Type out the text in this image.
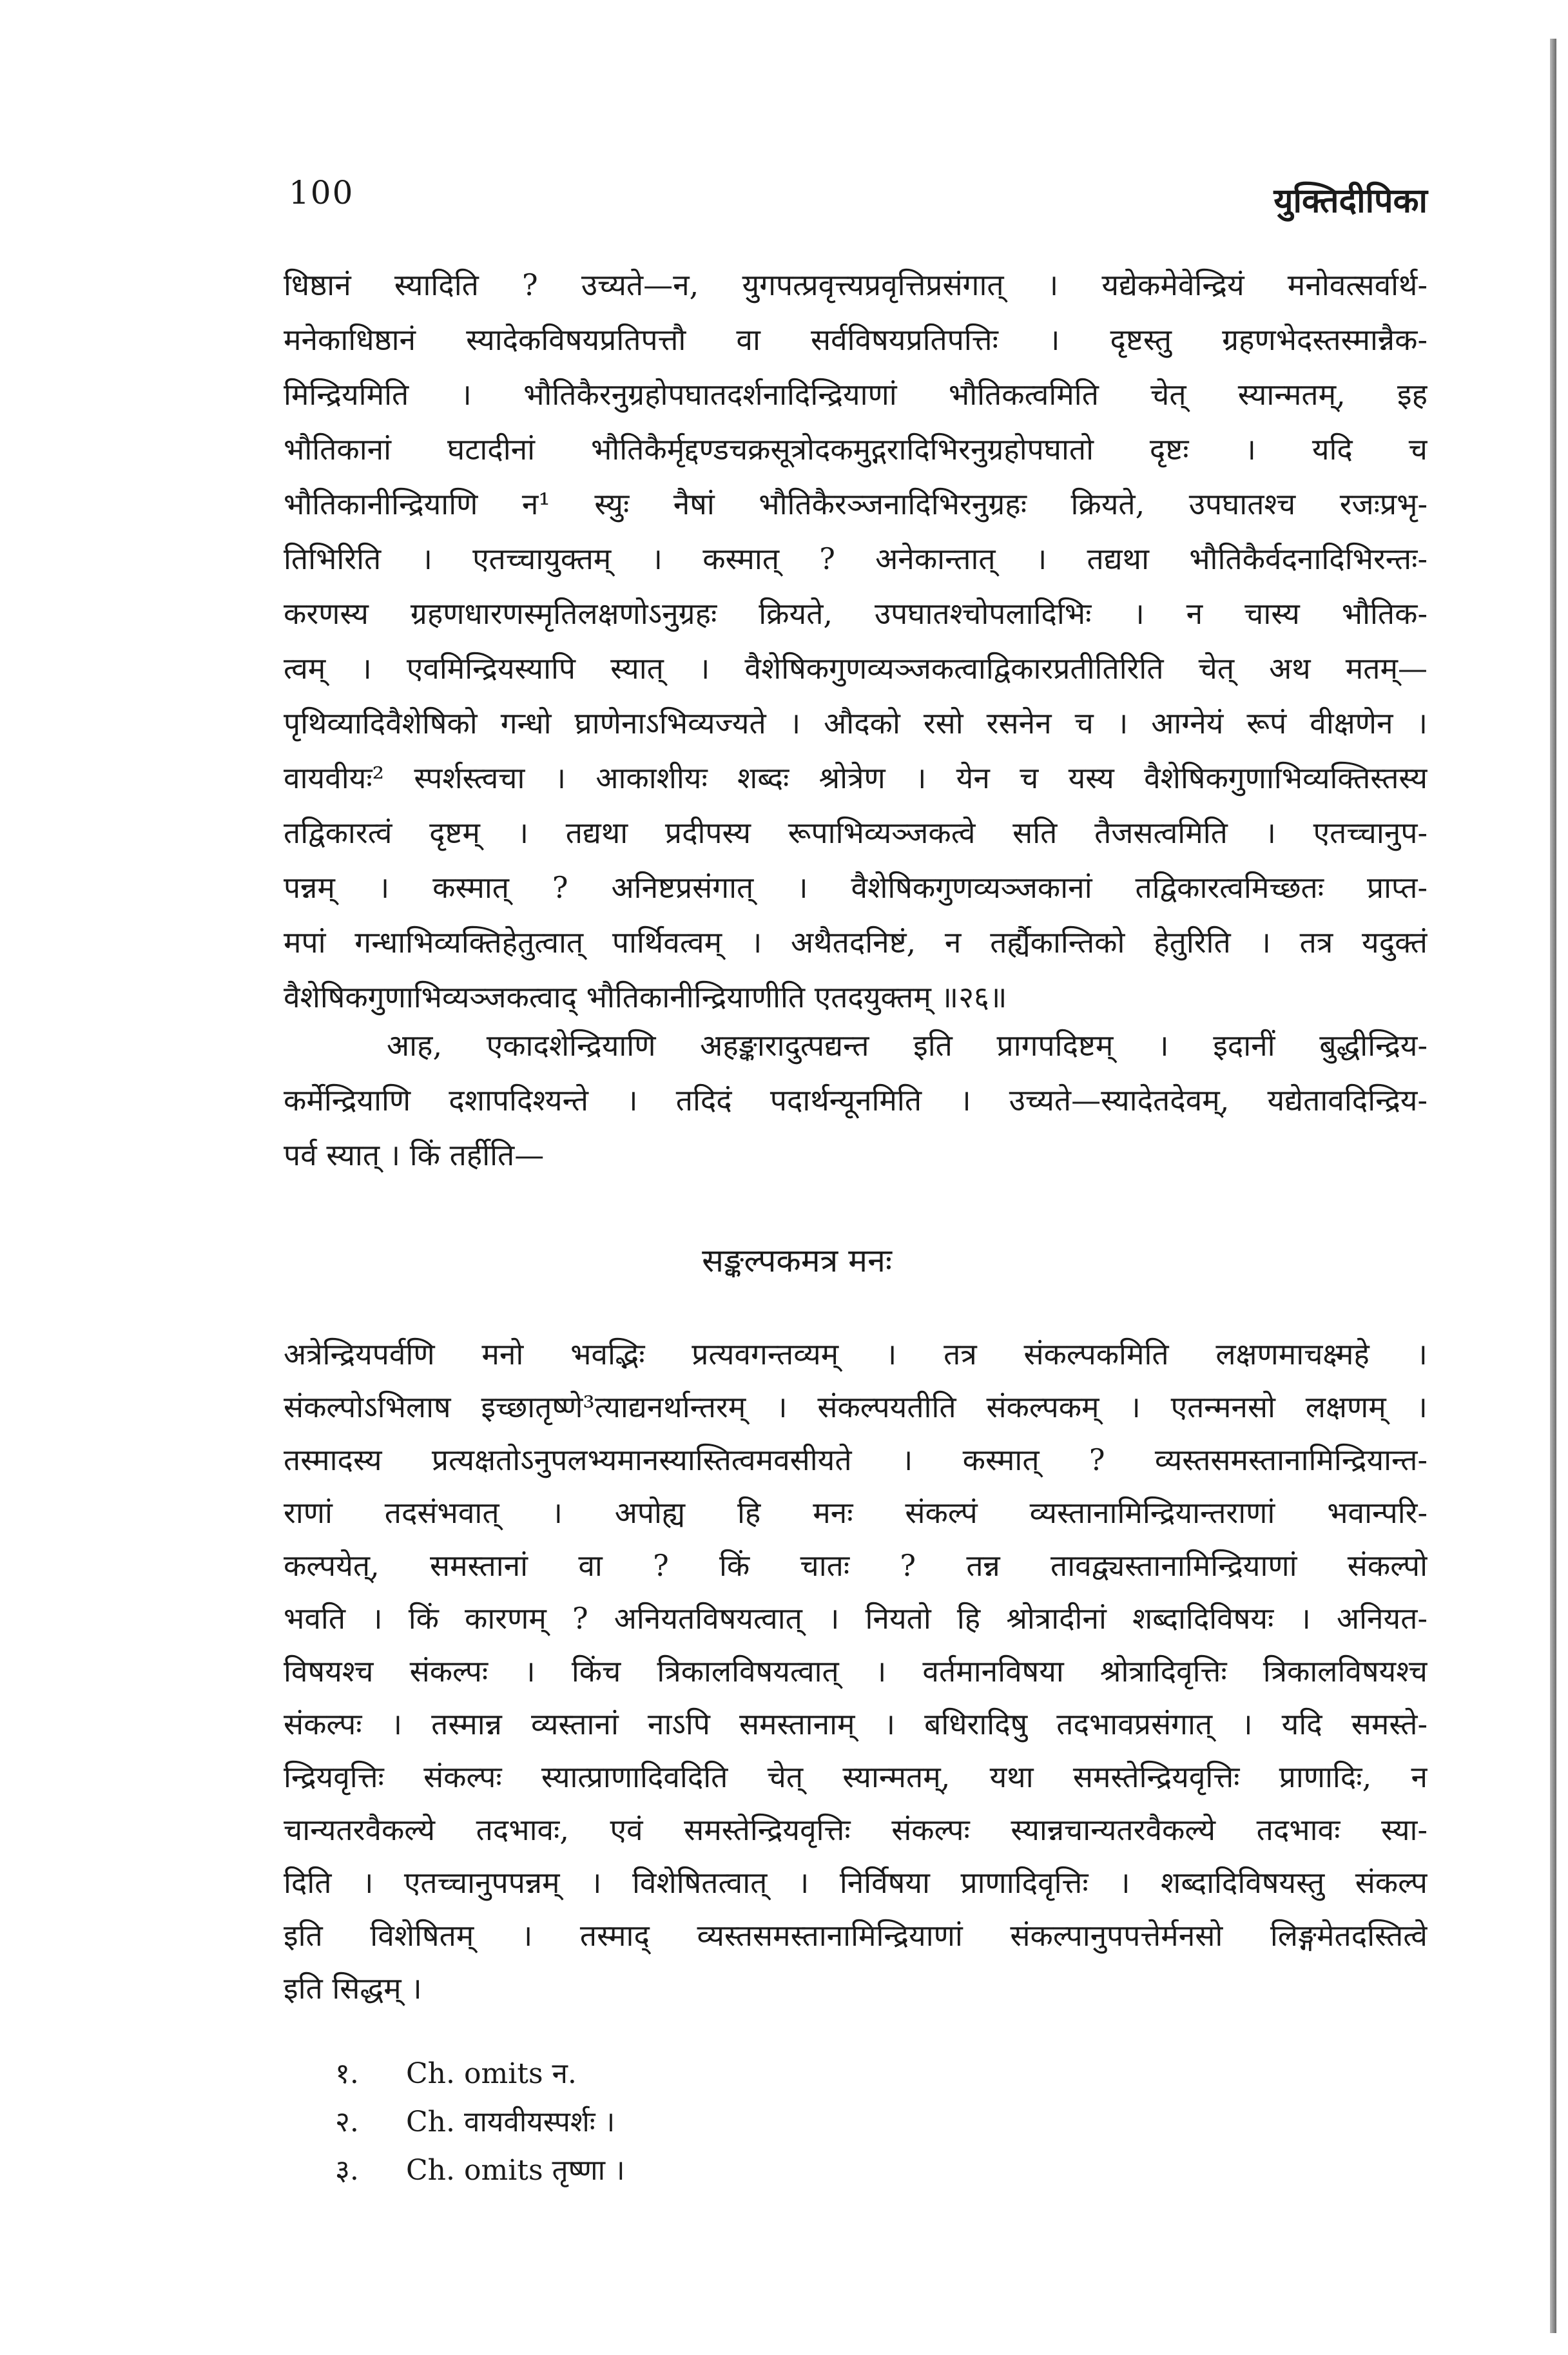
100	युक्तिदीपिका
धिष्ठानं स्यादिति ? उच्यते—न, युगपत्प्रवृत्त्यप्रवृत्तिप्रसंगात् । यद्येकमेवेन्द्रियं मनोवत्सर्वार्थ-
मनेकाधिष्ठानं स्यादेकविषयप्रतिपत्तौ वा सर्वविषयप्रतिपत्तिः । दृष्टस्तु ग्रहणभेदस्तस्मान्नैक-
मिन्द्रियमिति । भौतिकैरनुग्रहोपघातदर्शनादिन्द्रियाणां भौतिकत्वमिति चेत् स्यान्मतम्, इह
भौतिकानां घटादीनां भौतिकैर्मृद्दण्डचक्रसूत्रोदकमुद्गरादिभिरनुग्रहोपघातो दृष्टः । यदि च
भौतिकानीन्द्रियाणि न¹ स्युः नैषां भौतिकैरञ्जनादिभिरनुग्रहः क्रियते, उपघातश्च रजःप्रभृ-
तिभिरिति । एतच्चायुक्तम् । कस्मात् ? अनेकान्तात् । तद्यथा भौतिकैर्वदनादिभिरन्तः-
करणस्य ग्रहणधारणस्मृतिलक्षणोऽनुग्रहः क्रियते, उपघातश्चोपलादिभिः । न चास्य भौतिक-
त्वम् । एवमिन्द्रियस्यापि स्यात् । वैशेषिकगुणव्यञ्जकत्वाद्विकारप्रतीतिरिति चेत् अथ मतम्—
पृथिव्यादिवैशेषिको गन्धो घ्राणेनाऽभिव्यज्यते । औदको रसो रसनेन च । आग्नेयं रूपं वीक्षणेन ।
वायवीयः² स्पर्शस्त्वचा । आकाशीयः शब्दः श्रोत्रेण । येन च यस्य वैशेषिकगुणाभिव्यक्तिस्तस्य
तद्विकारत्वं दृष्टम् । तद्यथा प्रदीपस्य रूपाभिव्यञ्जकत्वे सति तैजसत्वमिति । एतच्चानुप-
पन्नम् । कस्मात् ? अनिष्टप्रसंगात् । वैशेषिकगुणव्यञ्जकानां तद्विकारत्वमिच्छतः प्राप्त-
मपां गन्धाभिव्यक्तिहेतुत्वात् पार्थिवत्वम् । अथैतदनिष्टं, न तर्ह्यैकान्तिको हेतुरिति । तत्र यदुक्तं
वैशेषिकगुणाभिव्यञ्जकत्वाद् भौतिकानीन्द्रियाणीति एतदयुक्तम् ॥२६॥
आह, एकादशेन्द्रियाणि अहङ्कारादुत्पद्यन्त इति प्रागपदिष्टम् । इदानीं बुद्धीन्द्रिय-
कर्मेन्द्रियाणि दशापदिश्यन्ते । तदिदं पदार्थन्यूनमिति । उच्यते—स्यादेतदेवम्, यद्येतावदिन्द्रिय-
पर्व स्यात् । किं तर्हीति—
सङ्कल्पकमत्र मनः
अत्रेन्द्रियपर्वणि मनो भवद्भिः प्रत्यवगन्तव्यम् । तत्र संकल्पकमिति लक्षणमाचक्ष्महे ।
संकल्पोऽभिलाष इच्छातृष्णे³त्याद्यनर्थान्तरम् । संकल्पयतीति संकल्पकम् । एतन्मनसो लक्षणम् ।
तस्मादस्य प्रत्यक्षतोऽनुपलभ्यमानस्यास्तित्वमवसीयते । कस्मात् ? व्यस्तसमस्तानामिन्द्रियान्त-
राणां तदसंभवात् । अपोह्य हि मनः संकल्पं व्यस्तानामिन्द्रियान्तराणां भवान्परि-
कल्पयेत्, समस्तानां वा ? किं चातः ? तन्न तावद्व्यस्तानामिन्द्रियाणां संकल्पो
भवति । किं कारणम् ? अनियतविषयत्वात् । नियतो हि श्रोत्रादीनां शब्दादिविषयः । अनियत-
विषयश्च संकल्पः । किंच त्रिकालविषयत्वात् । वर्तमानविषया श्रोत्रादिवृत्तिः त्रिकालविषयश्च
संकल्पः । तस्मान्न व्यस्तानां नाऽपि समस्तानाम् । बधिरादिषु तदभावप्रसंगात् । यदि समस्ते-
न्द्रियवृत्तिः संकल्पः स्यात्प्राणादिवदिति चेत् स्यान्मतम्, यथा समस्तेन्द्रियवृत्तिः प्राणादिः, न
चान्यतरवैकल्ये तदभावः, एवं समस्तेन्द्रियवृत्तिः संकल्पः स्यान्नचान्यतरवैकल्ये तदभावः स्या-
दिति । एतच्चानुपपन्नम् । विशेषितत्वात् । निर्विषया प्राणादिवृत्तिः । शब्दादिविषयस्तु संकल्प
इति विशेषितम् । तस्माद् व्यस्तसमस्तानामिन्द्रियाणां संकल्पानुपपत्तेर्मनसो लिङ्गमेतदस्तित्वे
इति सिद्धम् ।
१. Ch. omits न.
२. Ch. वायवीयस्पर्शः ।
३. Ch. omits तृष्णा ।
